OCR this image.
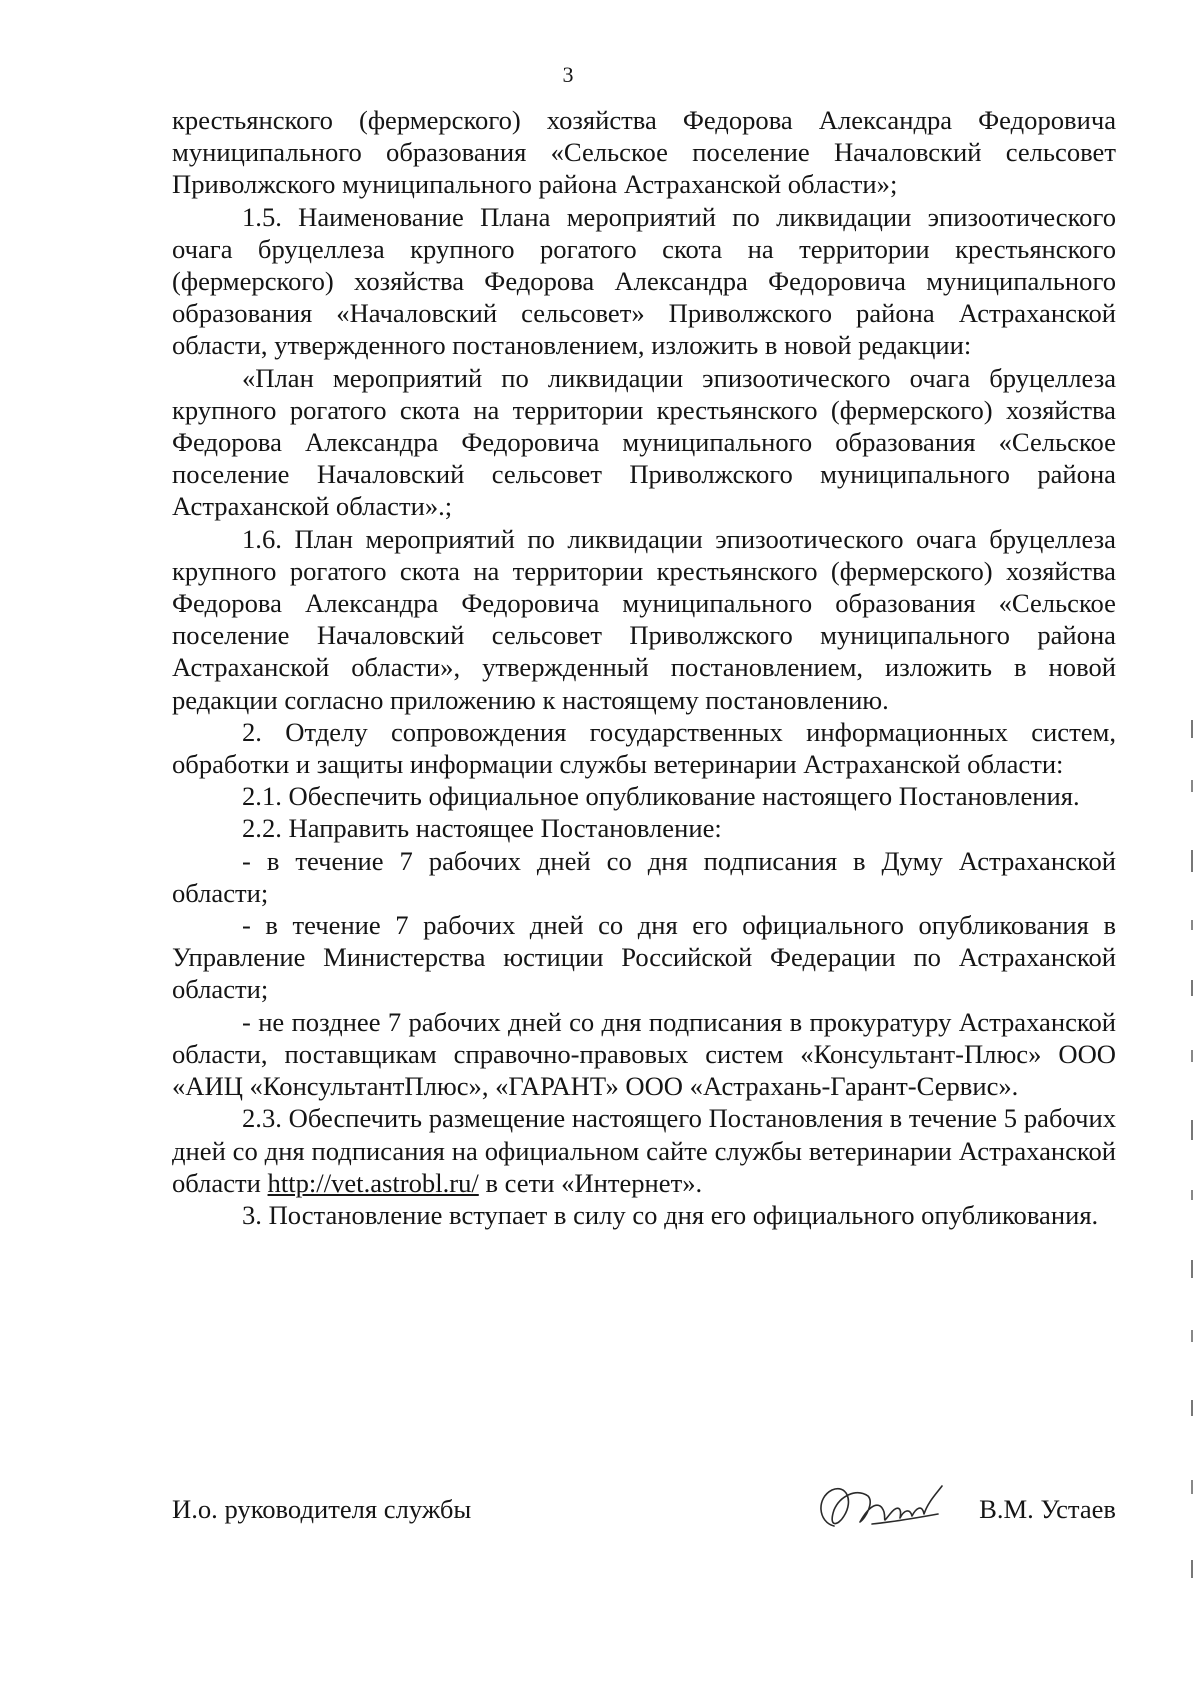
3

крестьянского (фермерского) хозяйства Федорова Александра Федоровича муниципального образования «Сельское поселение Началовский сельсовет Приволжского муниципального района Астраханской области»;

1.5. Наименование Плана мероприятий по ликвидации эпизоотического очага бруцеллеза крупного рогатого скота на территории крестьянского (фермерского) хозяйства Федорова Александра Федоровича муниципального образования «Началовский сельсовет» Приволжского района Астраханской области, утвержденного постановлением, изложить в новой редакции:

«План мероприятий по ликвидации эпизоотического очага бруцеллеза крупного рогатого скота на территории крестьянского (фермерского) хозяйства Федорова Александра Федоровича муниципального образования «Сельское поселение Началовский сельсовет Приволжского муниципального района Астраханской области».;

1.6. План мероприятий по ликвидации эпизоотического очага бруцеллеза крупного рогатого скота на территории крестьянского (фермерского) хозяйства Федорова Александра Федоровича муниципального образования «Сельское поселение Началовский сельсовет Приволжского муниципального района Астраханской области», утвержденный постановлением, изложить в новой редакции согласно приложению к настоящему постановлению.

2. Отделу сопровождения государственных информационных систем, обработки и защиты информации службы ветеринарии Астраханской области:

2.1. Обеспечить официальное опубликование настоящего Постановления.

2.2. Направить настоящее Постановление:

- в течение 7 рабочих дней со дня подписания в Думу Астраханской области;

- в течение 7 рабочих дней со дня его официального опубликования в Управление Министерства юстиции Российской Федерации по Астраханской области;

- не позднее 7 рабочих дней со дня подписания в прокуратуру Астраханской области, поставщикам справочно-правовых систем «Консультант-Плюс» ООО «АИЦ «КонсультантПлюс», «ГАРАНТ» ООО «Астрахань-Гарант-Сервис».

2.3. Обеспечить размещение настоящего Постановления в течение 5 рабочих дней со дня подписания на официальном сайте службы ветеринарии Астраханской области http://vet.astrobl.ru/ в сети «Интернет».

3. Постановление вступает в силу со дня его официального опубликования.

И.о. руководителя службы	В.М. Устаев
